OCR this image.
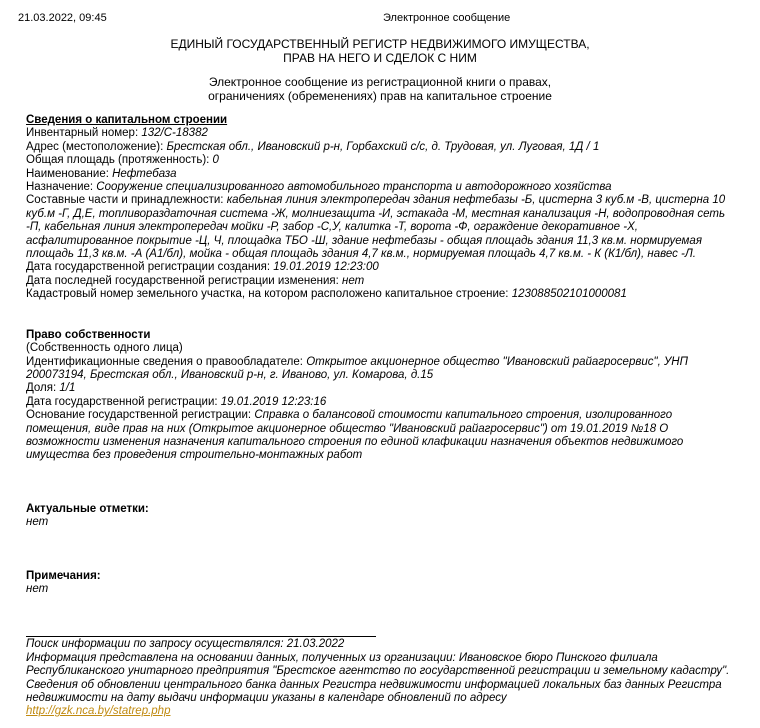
21.03.2022, 09:45	Электронное сообщение
ЕДИНЫЙ ГОСУДАРСТВЕННЫЙ РЕГИСТР НЕДВИЖИМОГО ИМУЩЕСТВА,
ПРАВ НА НЕГО И СДЕЛОК С НИМ
Электронное сообщение из регистрационной книги о правах,
ограничениях (обременениях) прав на капитальное строение
Сведения о капитальном строении
Инвентарный номер: 132/C-18382
Адрес (местоположение): Брестская обл., Ивановский р-н, Горбахский с/с, д. Трудовая, ул. Луговая, 1Д / 1
Общая площадь (протяженность): 0
Наименование: Нефтебаза
Назначение: Сооружение специализированного автомобильного транспорта и автодорожного хозяйства
Составные части и принадлежности: кабельная линия электропередач здания нефтебазы -Б, цистерна 3 куб.м -В, цистерна 10 куб.м -Г, Д,Е, топливораздаточная система -Ж, молниезащита -И, эстакада -М, местная канализация -Н, водопроводная сеть -П, кабельная линия электропередач мойки -Р, забор -С,У, калитка -Т, ворота -Ф, ограждение декоративное -Х, асфалитированное покрытие -Ц, Ч, площадка ТБО -Ш, здание нефтебазы - общая площадь здания 11,3 кв.м. нормируемая площадь 11,3 кв.м. -А (А1/бл), мойка - общая площадь здания 4,7 кв.м., нормируемая площадь 4,7 кв.м. - К (К1/бл), навес -Л.
Дата государственной регистрации создания: 19.01.2019 12:23:00
Дата последней государственной регистрации изменения: нет
Кадастровый номер земельного участка, на котором расположено капитальное строение: 123088502101000081
Право собственности
(Собственность одного лица)
Идентификационные сведения о правообладателе: Открытое акционерное общество "Ивановский райагросервис", УНП 200073194, Брестская обл., Ивановский р-н, г. Иваново, ул. Комарова, д.15
Доля: 1/1
Дата государственной регистрации: 19.01.2019 12:23:16
Основание государственной регистрации: Справка о балансовой стоимости капитального строения, изолированного помещения, виде прав на них (Открытое акционерное общество "Ивановский райагросервис") от 19.01.2019 №18 О возможности изменения назначения капитального строения по единой клафикации назначения объектов недвижимого имущества без проведения строительно-монтажных работ
Актуальные отметки:
нет
Примечания:
нет
Поиск информации по запросу осуществлялся: 21.03.2022
Информация представлена на основании данных, полученных из организации: Ивановское бюро Пинского филиала Республиканского унитарного предприятия "Брестское агентство по государственной регистрации и земельному кадастру".
Сведения об обновлении центрального банка данных Регистра недвижимости информацией локальных баз данных Регистра недвижимости на дату выдачи информации указаны в календаре обновлений по адресу
http://gzk.nca.by/statrep.php
